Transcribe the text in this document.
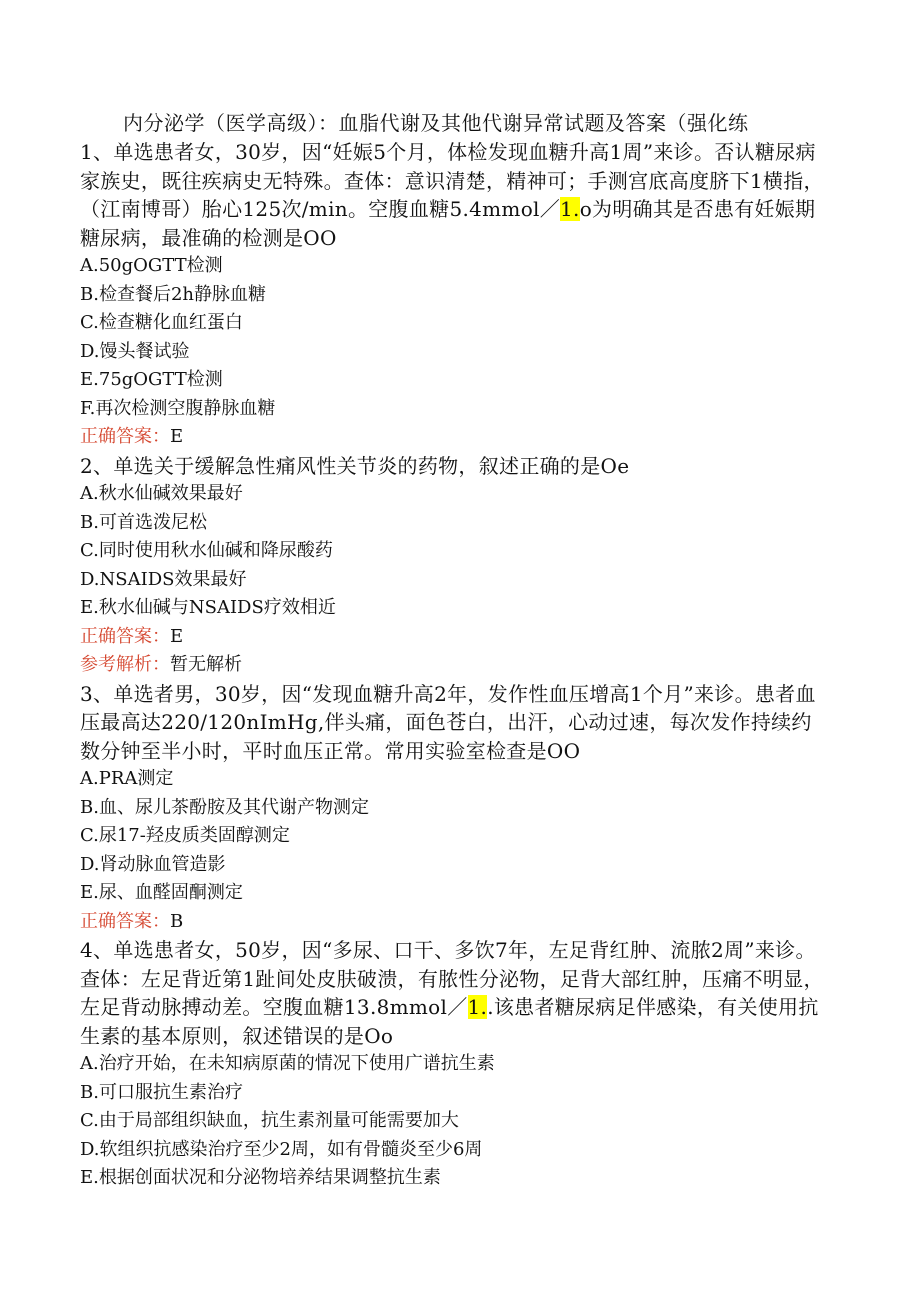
内分泌学（医学高级）：血脂代谢及其他代谢异常试题及答案（强化练

1、单选患者女，30岁，因“妊娠5个月，体检发现血糖升高1周”来诊。否认糖尿病家族史，既往疾病史无特殊。查体：意识清楚，精神可；手测宫底高度脐下1横指，（江南博哥）胎心125次/min。空腹血糖5.4mmol／1.o为明确其是否患有妊娠期糖尿病，最准确的检测是OO

A.50gOGTT检测

B.检查餐后2h静脉血糖

C.检查糖化血红蛋白

D.馒头餐试验

E.75gOGTT检测

F.再次检测空腹静脉血糖

正确答案：E

2、单选关于缓解急性痛风性关节炎的药物，叙述正确的是Oe

A.秋水仙碱效果最好

B.可首选泼尼松

C.同时使用秋水仙碱和降尿酸药

D.NSAIDS效果最好

E.秋水仙碱与NSAIDS疗效相近

正确答案：E

参考解析：暂无解析

3、单选者男，30岁，因“发现血糖升高2年，发作性血压增高1个月”来诊。患者血压最高达220/120nImHg,伴头痛，面色苍白，出汗，心动过速，每次发作持续约数分钟至半小时，平时血压正常。常用实验室检查是OO

A.PRA测定

B.血、尿儿茶酚胺及其代谢产物测定

C.尿17-羟皮质类固醇测定

D.肾动脉血管造影

E.尿、血醛固酮测定

正确答案：B

4、单选患者女，50岁，因“多尿、口干、多饮7年，左足背红肿、流脓2周”来诊。查体：左足背近第1趾间处皮肤破溃，有脓性分泌物，足背大部红肿，压痛不明显，左足背动脉搏动差。空腹血糖13.8mmol／1..该患者糖尿病足伴感染，有关使用抗生素的基本原则，叙述错误的是Oo

A.治疗开始，在未知病原菌的情况下使用广谱抗生素

B.可口服抗生素治疗

C.由于局部组织缺血，抗生素剂量可能需要加大

D.软组织抗感染治疗至少2周，如有骨髓炎至少6周

E.根据创面状况和分泌物培养结果调整抗生素
